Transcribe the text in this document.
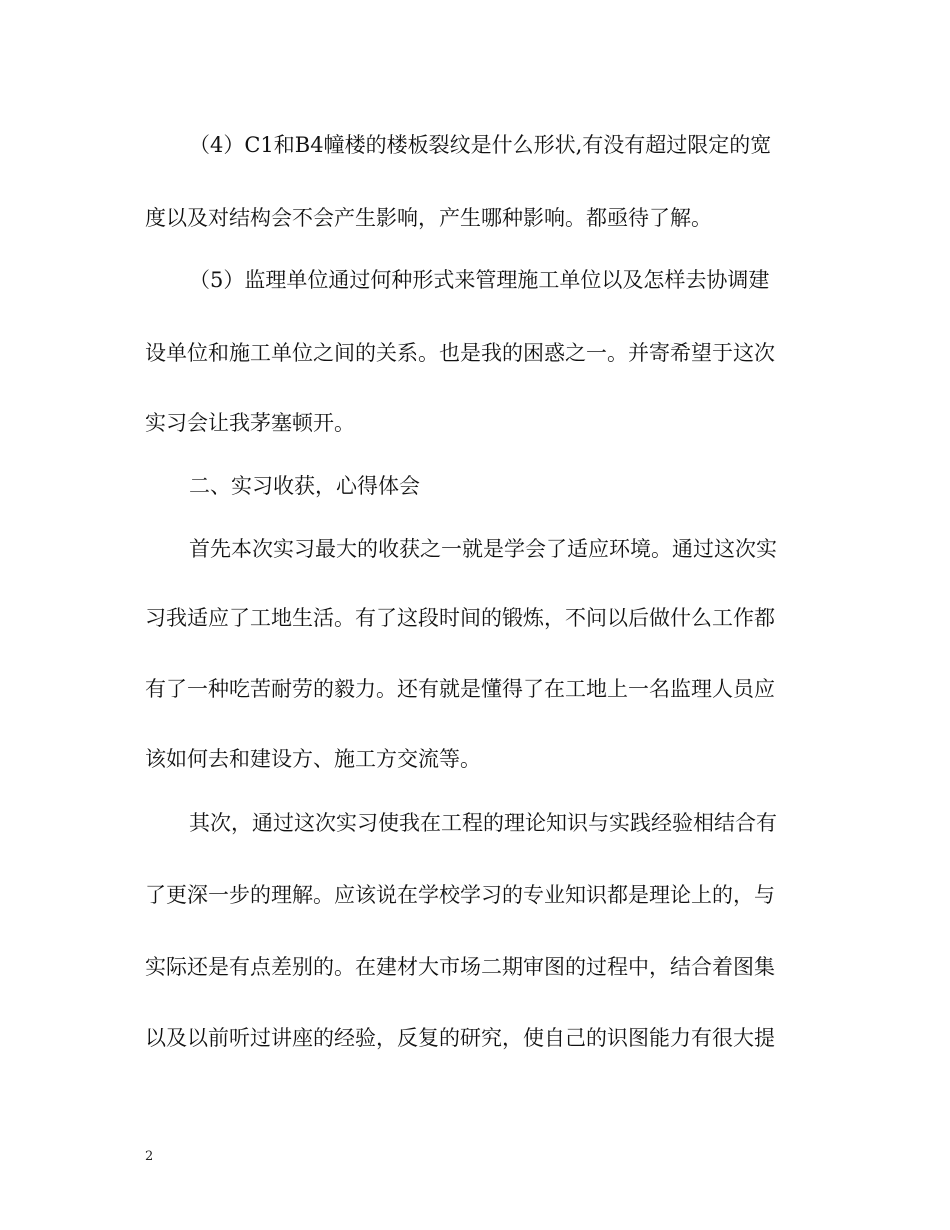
（4）C1和B4幢楼的楼板裂纹是什么形状,有没有超过限定的宽
度以及对结构会不会产生影响，产生哪种影响。都亟待了解。
（5）监理单位通过何种形式来管理施工单位以及怎样去协调建
设单位和施工单位之间的关系。也是我的困惑之一。并寄希望于这次
实习会让我茅塞顿开。
二、实习收获，心得体会
首先本次实习最大的收获之一就是学会了适应环境。通过这次实
习我适应了工地生活。有了这段时间的锻炼，不问以后做什么工作都
有了一种吃苦耐劳的毅力。还有就是懂得了在工地上一名监理人员应
该如何去和建设方、施工方交流等。
其次，通过这次实习使我在工程的理论知识与实践经验相结合有
了更深一步的理解。应该说在学校学习的专业知识都是理论上的，与
实际还是有点差别的。在建材大市场二期审图的过程中，结合着图集
以及以前听过讲座的经验，反复的研究，使自己的识图能力有很大提
2
